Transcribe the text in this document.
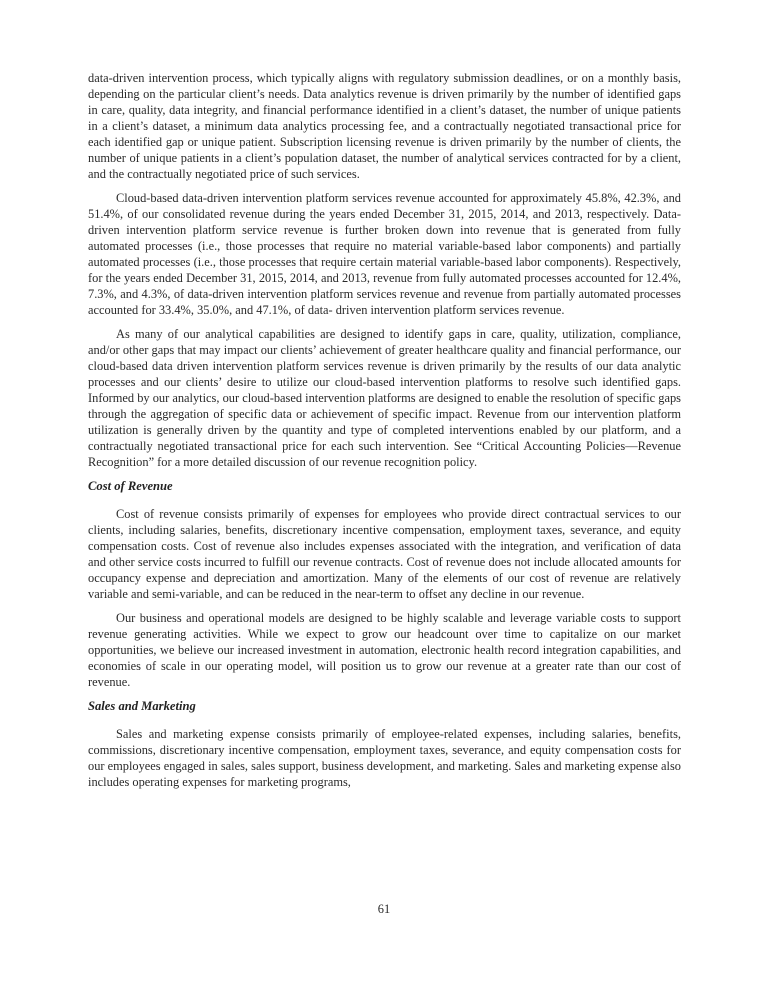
data-driven intervention process, which typically aligns with regulatory submission deadlines, or on a monthly basis, depending on the particular client’s needs. Data analytics revenue is driven primarily by the number of identified gaps in care, quality, data integrity, and financial performance identified in a client’s dataset, the number of unique patients in a client’s dataset, a minimum data analytics processing fee, and a contractually negotiated transactional price for each identified gap or unique patient. Subscription licensing revenue is driven primarily by the number of clients, the number of unique patients in a client’s population dataset, the number of analytical services contracted for by a client, and the contractually negotiated price of such services.

Cloud-based data-driven intervention platform services revenue accounted for approximately 45.8%, 42.3%, and 51.4%, of our consolidated revenue during the years ended December 31, 2015, 2014, and 2013, respectively. Data-driven intervention platform service revenue is further broken down into revenue that is generated from fully automated processes (i.e., those processes that require no material variable-based labor components) and partially automated processes (i.e., those processes that require certain material variable-based labor components). Respectively, for the years ended December 31, 2015, 2014, and 2013, revenue from fully automated processes accounted for 12.4%, 7.3%, and 4.3%, of data-driven intervention platform services revenue and revenue from partially automated processes accounted for 33.4%, 35.0%, and 47.1%, of data- driven intervention platform services revenue.

As many of our analytical capabilities are designed to identify gaps in care, quality, utilization, compliance, and/or other gaps that may impact our clients’ achievement of greater healthcare quality and financial performance, our cloud-based data driven intervention platform services revenue is driven primarily by the results of our data analytic processes and our clients’ desire to utilize our cloud-based intervention platforms to resolve such identified gaps. Informed by our analytics, our cloud-based intervention platforms are designed to enable the resolution of specific gaps through the aggregation of specific data or achievement of specific impact. Revenue from our intervention platform utilization is generally driven by the quantity and type of completed interventions enabled by our platform, and a contractually negotiated transactional price for each such intervention. See “Critical Accounting Policies—Revenue Recognition” for a more detailed discussion of our revenue recognition policy.

Cost of Revenue

Cost of revenue consists primarily of expenses for employees who provide direct contractual services to our clients, including salaries, benefits, discretionary incentive compensation, employment taxes, severance, and equity compensation costs. Cost of revenue also includes expenses associated with the integration, and verification of data and other service costs incurred to fulfill our revenue contracts. Cost of revenue does not include allocated amounts for occupancy expense and depreciation and amortization. Many of the elements of our cost of revenue are relatively variable and semi-variable, and can be reduced in the near-term to offset any decline in our revenue.

Our business and operational models are designed to be highly scalable and leverage variable costs to support revenue generating activities. While we expect to grow our headcount over time to capitalize on our market opportunities, we believe our increased investment in automation, electronic health record integration capabilities, and economies of scale in our operating model, will position us to grow our revenue at a greater rate than our cost of revenue.

Sales and Marketing

Sales and marketing expense consists primarily of employee-related expenses, including salaries, benefits, commissions, discretionary incentive compensation, employment taxes, severance, and equity compensation costs for our employees engaged in sales, sales support, business development, and marketing. Sales and marketing expense also includes operating expenses for marketing programs,

61
